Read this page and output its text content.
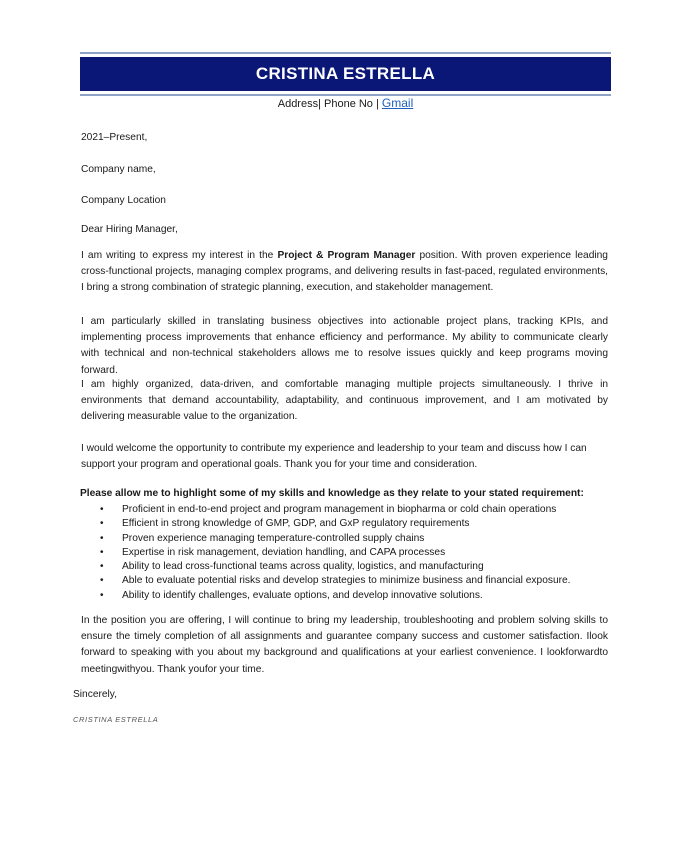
CRISTINA ESTRELLA
Address| Phone No | Gmail
2021–Present,
Company name,
Company Location
Dear Hiring Manager,
I am writing to express my interest in the Project & Program Manager position. With proven experience leading cross-functional projects, managing complex programs, and delivering results in fast-paced, regulated environments, I bring a strong combination of strategic planning, execution, and stakeholder management.
I am particularly skilled in translating business objectives into actionable project plans, tracking KPIs, and implementing process improvements that enhance efficiency and performance. My ability to communicate clearly with technical and non-technical stakeholders allows me to resolve issues quickly and keep programs moving forward.
I am highly organized, data-driven, and comfortable managing multiple projects simultaneously. I thrive in environments that demand accountability, adaptability, and continuous improvement, and I am motivated by delivering measurable value to the organization.
I would welcome the opportunity to contribute my experience and leadership to your team and discuss how I can support your program and operational goals. Thank you for your time and consideration.
Please allow me to highlight some of my skills and knowledge as they relate to your stated requirement:
• Proficient in end-to-end project and program management in biopharma or cold chain operations
• Efficient in strong knowledge of GMP, GDP, and GxP regulatory requirements
• Proven experience managing temperature-controlled supply chains
• Expertise in risk management, deviation handling, and CAPA processes
• Ability to lead cross-functional teams across quality, logistics, and manufacturing
• Able to evaluate potential risks and develop strategies to minimize business and financial exposure.
• Ability to identify challenges, evaluate options, and develop innovative solutions.
In the position you are offering, I will continue to bring my leadership, troubleshooting and problem solving skills to ensure the timely completion of all assignments and guarantee company success and customer satisfaction. Ilook forward to speaking with you about my background and qualifications at your earliest convenience. I lookforwardto meetingwithyou. Thank youfor your time.
Sincerely,
CRISTINA ESTRELLA
